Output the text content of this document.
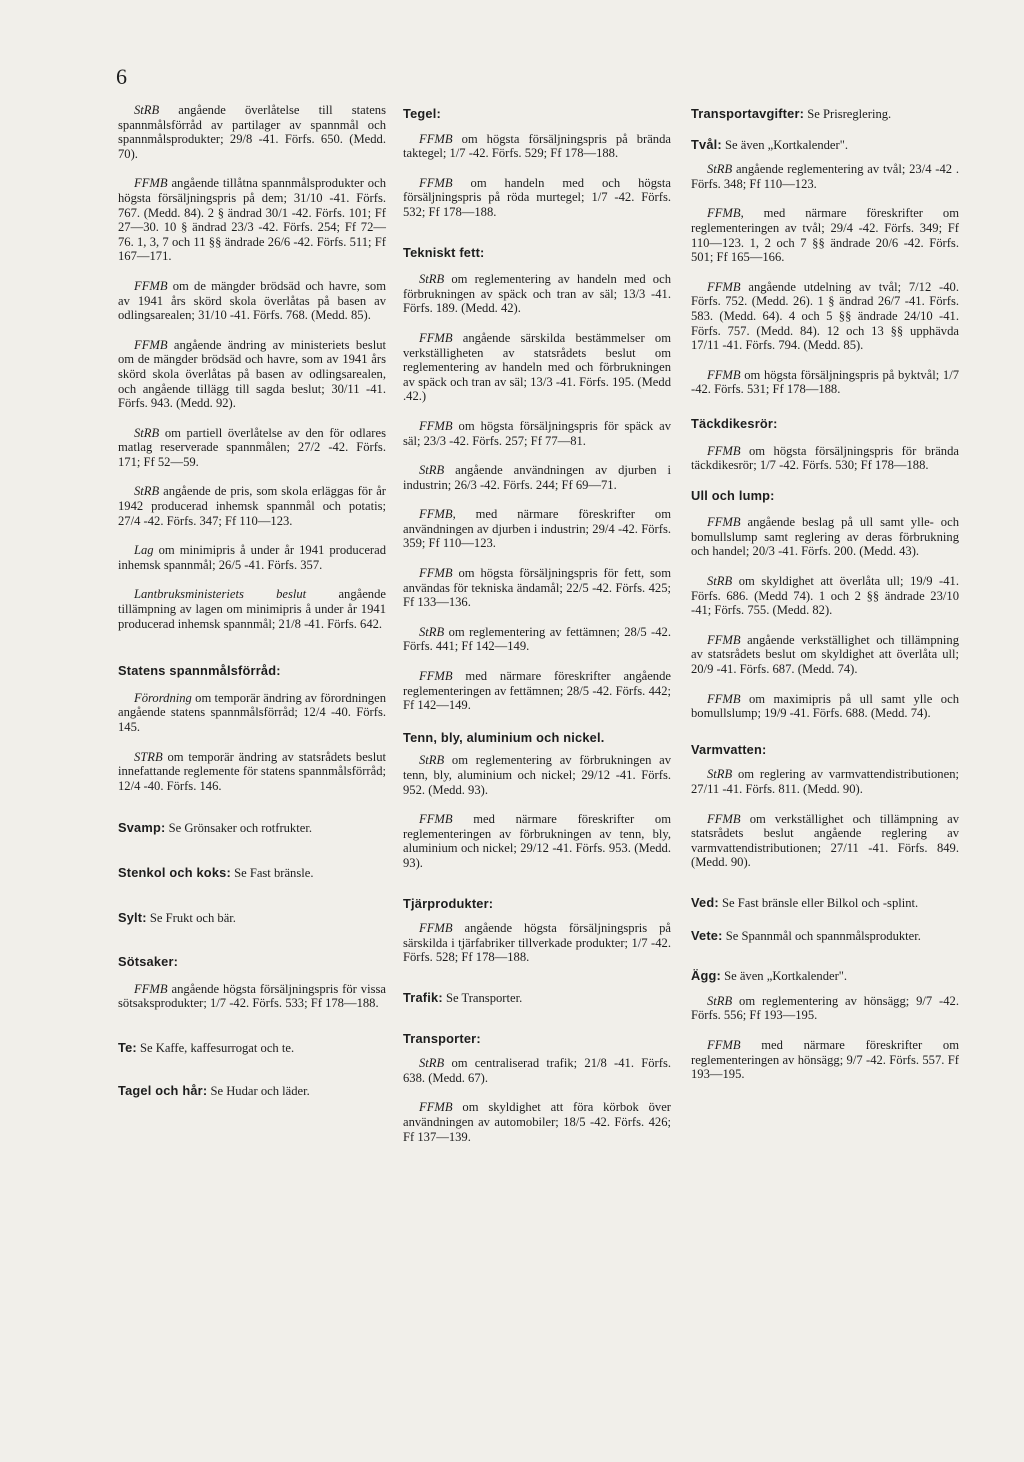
6

StRB angående överlåtelse till statens spannmålsförråd av partilager av spannmål och spannmålsprodukter; 29/8 -41. Förfs. 650. (Medd. 70).

FFMB angående tillåtna spannmålsprodukter och högsta försäljningspris på dem; 31/10 -41. Förfs. 767. (Medd. 84). 2 § ändrad 30/1 -42. Förfs. 101; Ff 27—30. 10 § ändrad 23/3 -42. Förfs. 254; Ff 72—76. 1, 3, 7 och 11 §§ ändrade 26/6 -42. Förfs. 511; Ff 167—171.

FFMB om de mängder brödsäd och havre, som av 1941 års skörd skola överlåtas på basen av odlingsarealen; 31/10 -41. Förfs. 768. (Medd. 85).

FFMB angående ändring av ministeriets beslut om de mängder brödsäd och havre, som av 1941 års skörd skola överlåtas på basen av odlingsarealen, och angående tillägg till sagda beslut; 30/11 -41. Förfs. 943. (Medd. 92).

StRB om partiell överlåtelse av den för odlares matlag reserverade spannmålen; 27/2 -42. Förfs. 171; Ff 52—59.

StRB angående de pris, som skola erläggas för år 1942 producerad inhemsk spannmål och potatis; 27/4 -42. Förfs. 347; Ff 110—123.

Lag om minimipris å under år 1941 producerad inhemsk spannmål; 26/5 -41. Förfs. 357.

Lantbruksministeriets beslut angående tillämpning av lagen om minimipris å under år 1941 producerad inhemsk spannmål; 21/8 -41. Förfs. 642.

Statens spannmålsförråd:

Förordning om temporär ändring av förordningen angående statens spannmålsförråd; 12/4 -40. Förfs. 145.

STRB om temporär ändring av statsrådets beslut innefattande reglemente för statens spannmålsförråd; 12/4 -40. Förfs. 146.

Svamp: Se Grönsaker och rotfrukter.

Stenkol och koks: Se Fast bränsle.

Sylt: Se Frukt och bär.

Sötsaker:

FFMB angående högsta försäljningspris för vissa sötsaksprodukter; 1/7 -42. Förfs. 533; Ff 178—188.

Te: Se Kaffe, kaffesurrogat och te.

Tagel och hår: Se Hudar och läder.

Tegel:

FFMB om högsta försäljningspris på brända taktegel; 1/7 -42. Förfs. 529; Ff 178—188.

FFMB om handeln med och högsta försäljningspris på röda murtegel; 1/7 -42. Förfs. 532; Ff 178—188.

Tekniskt fett:

StRB om reglementering av handeln med och förbrukningen av späck och tran av säl; 13/3 -41. Förfs. 189. (Medd. 42).

FFMB angående särskilda bestämmelser om verkställigheten av statsrådets beslut om reglementering av handeln med och förbrukningen av späck och tran av säl; 13/3 -41. Förfs. 195. (Medd .42.)

FFMB om högsta försäljningspris för späck av säl; 23/3 -42. Förfs. 257; Ff 77—81.

StRB angående användningen av djurben i industrin; 26/3 -42. Förfs. 244; Ff 69—71.

FFMB, med närmare föreskrifter om användningen av djurben i industrin; 29/4 -42. Förfs. 359; Ff 110—123.

FFMB om högsta försäljningspris för fett, som användas för tekniska ändamål; 22/5 -42. Förfs. 425; Ff 133—136.

StRB om reglementering av fettämnen; 28/5 -42. Förfs. 441; Ff 142—149.

FFMB med närmare föreskrifter angående reglementeringen av fettämnen; 28/5 -42. Förfs. 442; Ff 142—149.

Tenn, bly, aluminium och nickel.

StRB om reglementering av förbrukningen av tenn, bly, aluminium och nickel; 29/12 -41. Förfs. 952. (Medd. 93).

FFMB med närmare föreskrifter om reglementeringen av förbrukningen av tenn, bly, aluminium och nickel; 29/12 -41. Förfs. 953. (Medd. 93).

Tjärprodukter:

FFMB angående högsta försäljningspris på särskilda i tjärfabriker tillverkade produkter; 1/7 -42. Förfs. 528; Ff 178—188.

Trafik: Se Transporter.

Transporter:

StRB om centraliserad trafik; 21/8 -41. Förfs. 638. (Medd. 67).

FFMB om skyldighet att föra körbok över användningen av automobiler; 18/5 -42. Förfs. 426; Ff 137—139.

Transportavgifter: Se Prisreglering.

Tvål: Se även „Kortkalender".

StRB angående reglementering av tvål; 23/4 -42 . Förfs. 348; Ff 110—123.

FFMB, med närmare föreskrifter om reglementeringen av tvål; 29/4 -42. Förfs. 349; Ff 110—123. 1, 2 och 7 §§ ändrade 20/6 -42. Förfs. 501; Ff 165—166.

FFMB angående utdelning av tvål; 7/12 -40. Förfs. 752. (Medd. 26). 1 § ändrad 26/7 -41. Förfs. 583. (Medd. 64). 4 och 5 §§ ändrade 24/10 -41. Förfs. 757. (Medd. 84). 12 och 13 §§ upphävda 17/11 -41. Förfs. 794. (Medd. 85).

FFMB om högsta försäljningspris på byktvål; 1/7 -42. Förfs. 531; Ff 178—188.

Täckdikesrör:

FFMB om högsta försäljningspris för brända täckdikesrör; 1/7 -42. Förfs. 530; Ff 178—188.

Ull och lump:

FFMB angående beslag på ull samt ylle- och bomullslump samt reglering av deras förbrukning och handel; 20/3 -41. Förfs. 200. (Medd. 43).

StRB om skyldighet att överlåta ull; 19/9 -41. Förfs. 686. (Medd 74). 1 och 2 §§ ändrade 23/10 -41; Förfs. 755. (Medd. 82).

FFMB angående verkställighet och tillämpning av statsrådets beslut om skyldighet att överlåta ull; 20/9 -41. Förfs. 687. (Medd. 74).

FFMB om maximipris på ull samt ylle och bomullslump; 19/9 -41. Förfs. 688. (Medd. 74).

Varmvatten:

StRB om reglering av varmvattendistributionen; 27/11 -41. Förfs. 811. (Medd. 90).

FFMB om verkställighet och tillämpning av statsrådets beslut angående reglering av varmvattendistributionen; 27/11 -41. Förfs. 849. (Medd. 90).

Ved: Se Fast bränsle eller Bilkol och -splint.

Vete: Se Spannmål och spannmålsprodukter.

Ägg: Se även „Kortkalender".

StRB om reglementering av hönsägg; 9/7 -42. Förfs. 556; Ff 193—195.

FFMB med närmare föreskrifter om reglementeringen av hönsägg; 9/7 -42. Förfs. 557. Ff 193—195.
